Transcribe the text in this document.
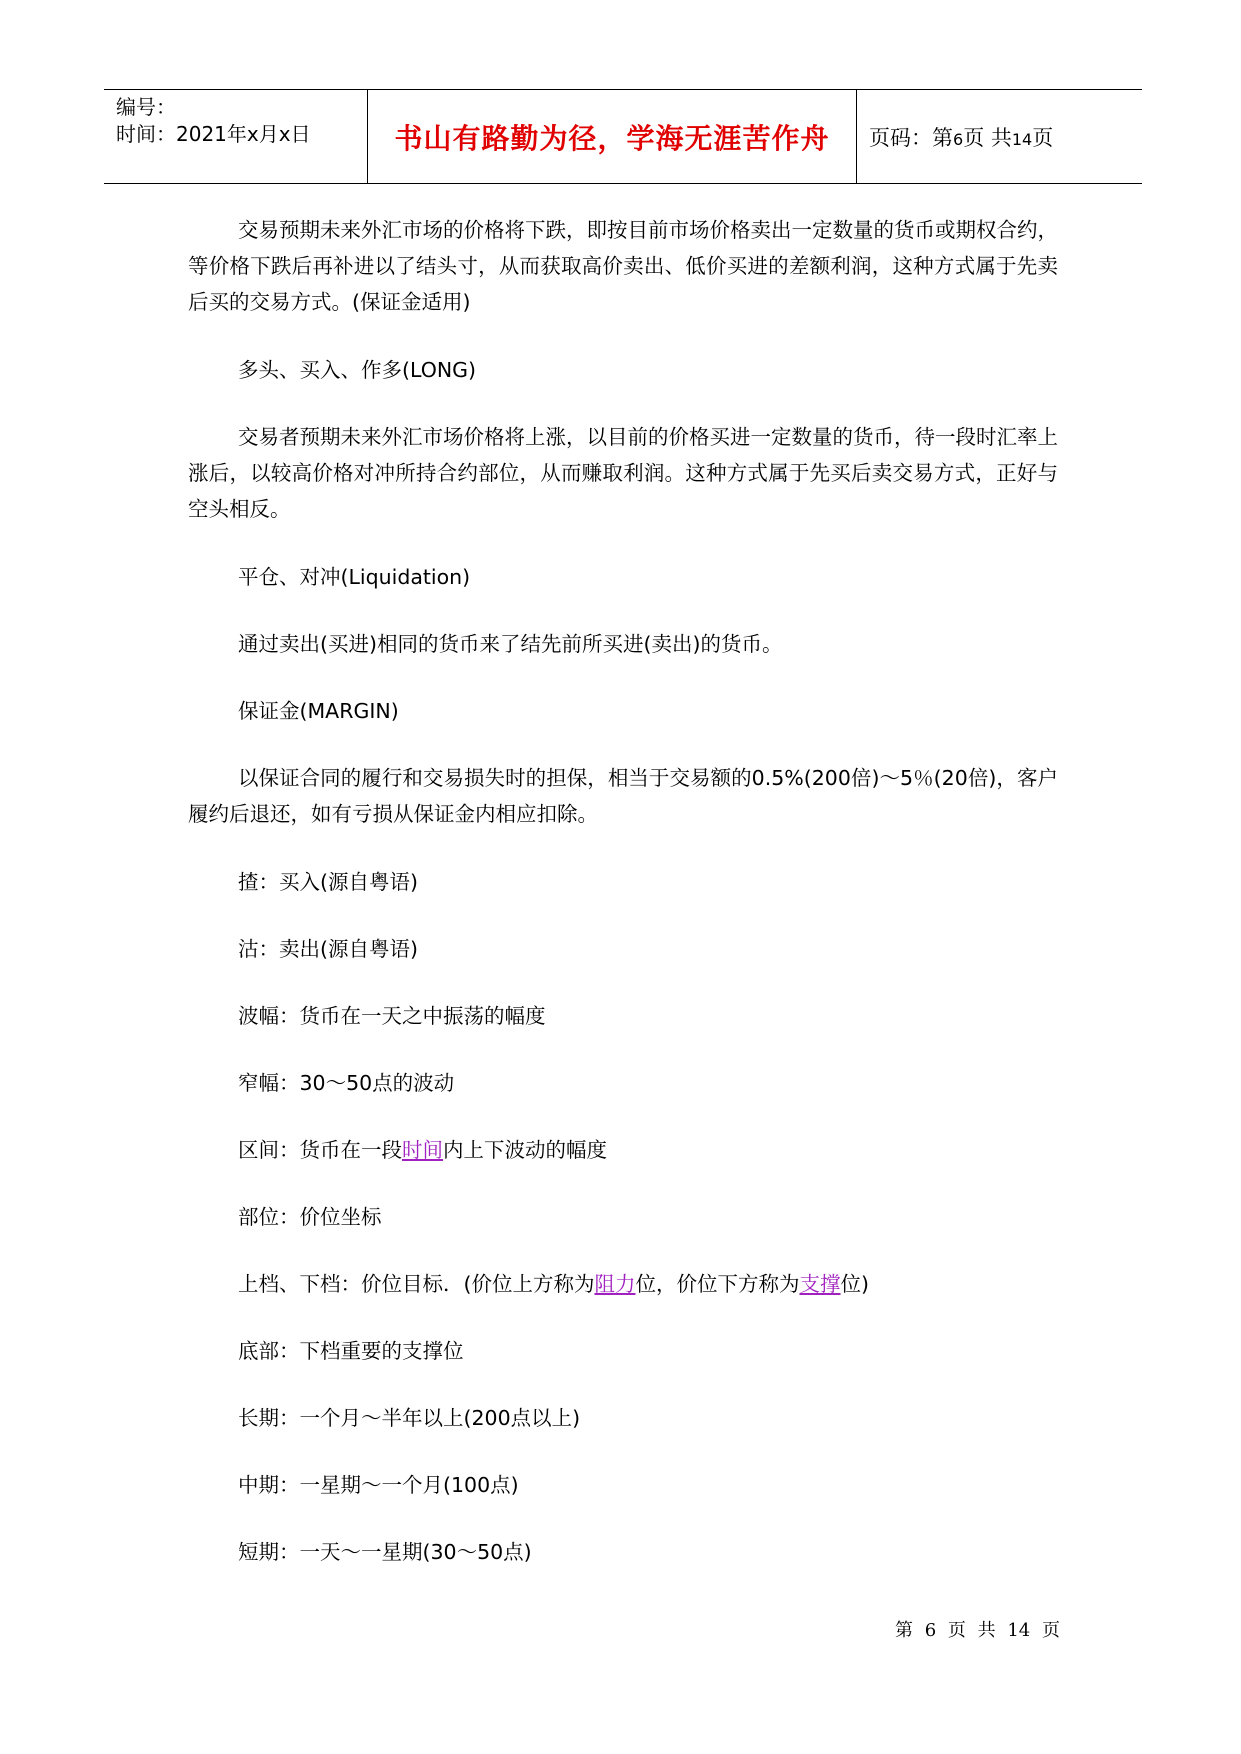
编号：
时间：2021年x月x日	书山有路勤为径，学海无涯苦作舟 页码：第6页 共14页

交易预期未来外汇市场的价格将下跌，即按目前市场价格卖出一定数量的货币或期权合约，等价格下跌后再补进以了结头寸，从而获取高价卖出、低价买进的差额利润，这种方式属于先卖后买的交易方式。(保证金适用)

多头、买入、作多(LONG)

交易者预期未来外汇市场价格将上涨，以目前的价格买进一定数量的货币，待一段时汇率上涨后，以较高价格对冲所持合约部位，从而赚取利润。这种方式属于先买后卖交易方式，正好与空头相反。

平仓、对冲(Liquidation)

通过卖出(买进)相同的货币来了结先前所买进(卖出)的货币。

保证金(MARGIN)

以保证合同的履行和交易损失时的担保，相当于交易额的0.5%(200倍)～5％(20倍)，客户履约后退还，如有亏损从保证金内相应扣除。

揸：买入(源自粤语)

沽：卖出(源自粤语)

波幅：货币在一天之中振荡的幅度

窄幅：30～50点的波动

区间：货币在一段时间内上下波动的幅度

部位：价位坐标

上档、下档：价位目标．(价位上方称为阻力位，价位下方称为支撑位)

底部：下档重要的支撑位

长期：一个月～半年以上(200点以上)

中期：一星期～一个月(100点)

短期：一天～一星期(30～50点)

第 6 页 共 14 页
